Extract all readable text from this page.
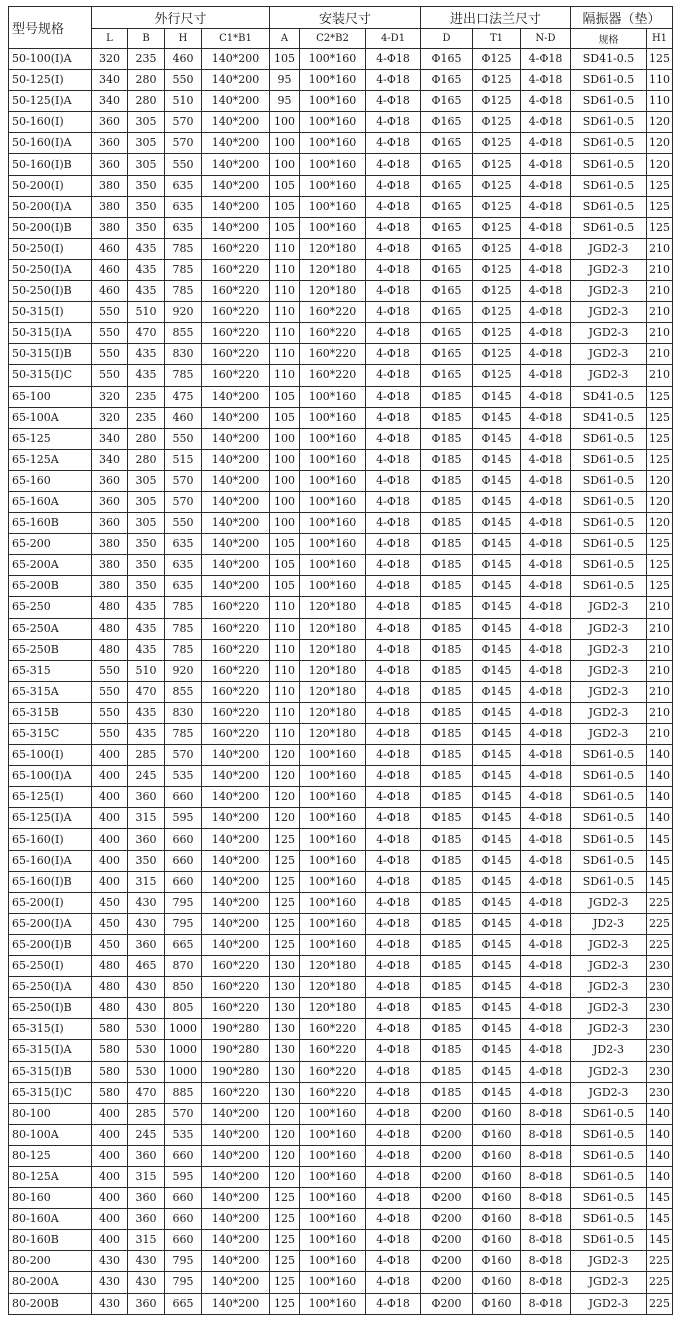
型号规格	外行尺寸				安装尺寸			进出口法兰尺寸			隔振器（垫）	
	L	B	H	C1*B1	A	C2*B2	4-D1	D	T1	N-D	规格	H1
50-100(I)A	320	235	460	140*200	105	100*160	4-Φ18	Φ165	Φ125	4-Φ18	SD41-0.5	125
50-125(I)	340	280	550	140*200	95	100*160	4-Φ18	Φ165	Φ125	4-Φ18	SD61-0.5	110
50-125(I)A	340	280	510	140*200	95	100*160	4-Φ18	Φ165	Φ125	4-Φ18	SD61-0.5	110
50-160(I)	360	305	570	140*200	100	100*160	4-Φ18	Φ165	Φ125	4-Φ18	SD61-0.5	120
50-160(I)A	360	305	570	140*200	100	100*160	4-Φ18	Φ165	Φ125	4-Φ18	SD61-0.5	120
50-160(I)B	360	305	550	140*200	100	100*160	4-Φ18	Φ165	Φ125	4-Φ18	SD61-0.5	120
50-200(I)	380	350	635	140*200	105	100*160	4-Φ18	Φ165	Φ125	4-Φ18	SD61-0.5	125
50-200(I)A	380	350	635	140*200	105	100*160	4-Φ18	Φ165	Φ125	4-Φ18	SD61-0.5	125
50-200(I)B	380	350	635	140*200	105	100*160	4-Φ18	Φ165	Φ125	4-Φ18	SD61-0.5	125
50-250(I)	460	435	785	160*220	110	120*180	4-Φ18	Φ165	Φ125	4-Φ18	JGD2-3	210
50-250(I)A	460	435	785	160*220	110	120*180	4-Φ18	Φ165	Φ125	4-Φ18	JGD2-3	210
50-250(I)B	460	435	785	160*220	110	120*180	4-Φ18	Φ165	Φ125	4-Φ18	JGD2-3	210
50-315(I)	550	510	920	160*220	110	160*220	4-Φ18	Φ165	Φ125	4-Φ18	JGD2-3	210
50-315(I)A	550	470	855	160*220	110	160*220	4-Φ18	Φ165	Φ125	4-Φ18	JGD2-3	210
50-315(I)B	550	435	830	160*220	110	160*220	4-Φ18	Φ165	Φ125	4-Φ18	JGD2-3	210
50-315(I)C	550	435	785	160*220	110	160*220	4-Φ18	Φ165	Φ125	4-Φ18	JGD2-3	210
65-100	320	235	475	140*200	105	100*160	4-Φ18	Φ185	Φ145	4-Φ18	SD41-0.5	125
65-100A	320	235	460	140*200	105	100*160	4-Φ18	Φ185	Φ145	4-Φ18	SD41-0.5	125
65-125	340	280	550	140*200	100	100*160	4-Φ18	Φ185	Φ145	4-Φ18	SD61-0.5	125
65-125A	340	280	515	140*200	100	100*160	4-Φ18	Φ185	Φ145	4-Φ18	SD61-0.5	125
65-160	360	305	570	140*200	100	100*160	4-Φ18	Φ185	Φ145	4-Φ18	SD61-0.5	120
65-160A	360	305	570	140*200	100	100*160	4-Φ18	Φ185	Φ145	4-Φ18	SD61-0.5	120
65-160B	360	305	550	140*200	100	100*160	4-Φ18	Φ185	Φ145	4-Φ18	SD61-0.5	120
65-200	380	350	635	140*200	105	100*160	4-Φ18	Φ185	Φ145	4-Φ18	SD61-0.5	125
65-200A	380	350	635	140*200	105	100*160	4-Φ18	Φ185	Φ145	4-Φ18	SD61-0.5	125
65-200B	380	350	635	140*200	105	100*160	4-Φ18	Φ185	Φ145	4-Φ18	SD61-0.5	125
65-250	480	435	785	160*220	110	120*180	4-Φ18	Φ185	Φ145	4-Φ18	JGD2-3	210
65-250A	480	435	785	160*220	110	120*180	4-Φ18	Φ185	Φ145	4-Φ18	JGD2-3	210
65-250B	480	435	785	160*220	110	120*180	4-Φ18	Φ185	Φ145	4-Φ18	JGD2-3	210
65-315	550	510	920	160*220	110	120*180	4-Φ18	Φ185	Φ145	4-Φ18	JGD2-3	210
65-315A	550	470	855	160*220	110	120*180	4-Φ18	Φ185	Φ145	4-Φ18	JGD2-3	210
65-315B	550	435	830	160*220	110	120*180	4-Φ18	Φ185	Φ145	4-Φ18	JGD2-3	210
65-315C	550	435	785	160*220	110	120*180	4-Φ18	Φ185	Φ145	4-Φ18	JGD2-3	210
65-100(I)	400	285	570	140*200	120	100*160	4-Φ18	Φ185	Φ145	4-Φ18	SD61-0.5	140
65-100(I)A	400	245	535	140*200	120	100*160	4-Φ18	Φ185	Φ145	4-Φ18	SD61-0.5	140
65-125(I)	400	360	660	140*200	120	100*160	4-Φ18	Φ185	Φ145	4-Φ18	SD61-0.5	140
65-125(I)A	400	315	595	140*200	120	100*160	4-Φ18	Φ185	Φ145	4-Φ18	SD61-0.5	140
65-160(I)	400	360	660	140*200	125	100*160	4-Φ18	Φ185	Φ145	4-Φ18	SD61-0.5	145
65-160(I)A	400	350	660	140*200	125	100*160	4-Φ18	Φ185	Φ145	4-Φ18	SD61-0.5	145
65-160(I)B	400	315	660	140*200	125	100*160	4-Φ18	Φ185	Φ145	4-Φ18	SD61-0.5	145
65-200(I)	450	430	795	140*200	125	100*160	4-Φ18	Φ185	Φ145	4-Φ18	JGD2-3	225
65-200(I)A	450	430	795	140*200	125	100*160	4-Φ18	Φ185	Φ145	4-Φ18	JD2-3	225
65-200(I)B	450	360	665	140*200	125	100*160	4-Φ18	Φ185	Φ145	4-Φ18	JGD2-3	225
65-250(I)	480	465	870	160*220	130	120*180	4-Φ18	Φ185	Φ145	4-Φ18	JGD2-3	230
65-250(I)A	480	430	850	160*220	130	120*180	4-Φ18	Φ185	Φ145	4-Φ18	JGD2-3	230
65-250(I)B	480	430	805	160*220	130	120*180	4-Φ18	Φ185	Φ145	4-Φ18	JGD2-3	230
65-315(I)	580	530	1000	190*280	130	160*220	4-Φ18	Φ185	Φ145	4-Φ18	JGD2-3	230
65-315(I)A	580	530	1000	190*280	130	160*220	4-Φ18	Φ185	Φ145	4-Φ18	JD2-3	230
65-315(I)B	580	530	1000	190*280	130	160*220	4-Φ18	Φ185	Φ145	4-Φ18	JGD2-3	230
65-315(I)C	580	470	885	160*220	130	160*220	4-Φ18	Φ185	Φ145	4-Φ18	JGD2-3	230
80-100	400	285	570	140*200	120	100*160	4-Φ18	Φ200	Φ160	8-Φ18	SD61-0.5	140
80-100A	400	245	535	140*200	120	100*160	4-Φ18	Φ200	Φ160	8-Φ18	SD61-0.5	140
80-125	400	360	660	140*200	120	100*160	4-Φ18	Φ200	Φ160	8-Φ18	SD61-0.5	140
80-125A	400	315	595	140*200	120	100*160	4-Φ18	Φ200	Φ160	8-Φ18	SD61-0.5	140
80-160	400	360	660	140*200	125	100*160	4-Φ18	Φ200	Φ160	8-Φ18	SD61-0.5	145
80-160A	400	360	660	140*200	125	100*160	4-Φ18	Φ200	Φ160	8-Φ18	SD61-0.5	145
80-160B	400	315	660	140*200	125	100*160	4-Φ18	Φ200	Φ160	8-Φ18	SD61-0.5	145
80-200	430	430	795	140*200	125	100*160	4-Φ18	Φ200	Φ160	8-Φ18	JGD2-3	225
80-200A	430	430	795	140*200	125	100*160	4-Φ18	Φ200	Φ160	8-Φ18	JGD2-3	225
80-200B	430	360	665	140*200	125	100*160	4-Φ18	Φ200	Φ160	8-Φ18	JGD2-3	225
